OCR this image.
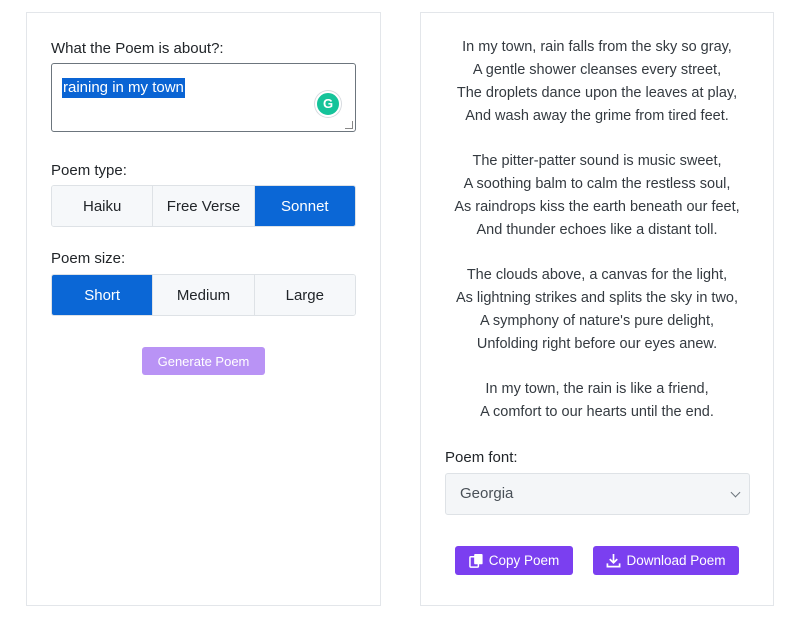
What the Poem is about?:
raining in my town
G
Poem type:
Haiku	Free Verse	Sonnet
Poem size:
Short	Medium	Large
Generate Poem
In my town, rain falls from the sky so gray,
A gentle shower cleanses every street,
The droplets dance upon the leaves at play,
And wash away the grime from tired feet.
The pitter-patter sound is music sweet,
A soothing balm to calm the restless soul,
As raindrops kiss the earth beneath our feet,
And thunder echoes like a distant toll.
The clouds above, a canvas for the light,
As lightning strikes and splits the sky in two,
A symphony of nature's pure delight,
Unfolding right before our eyes anew.
In my town, the rain is like a friend,
A comfort to our hearts until the end.
Poem font:
Georgia
Copy Poem	Download Poem
